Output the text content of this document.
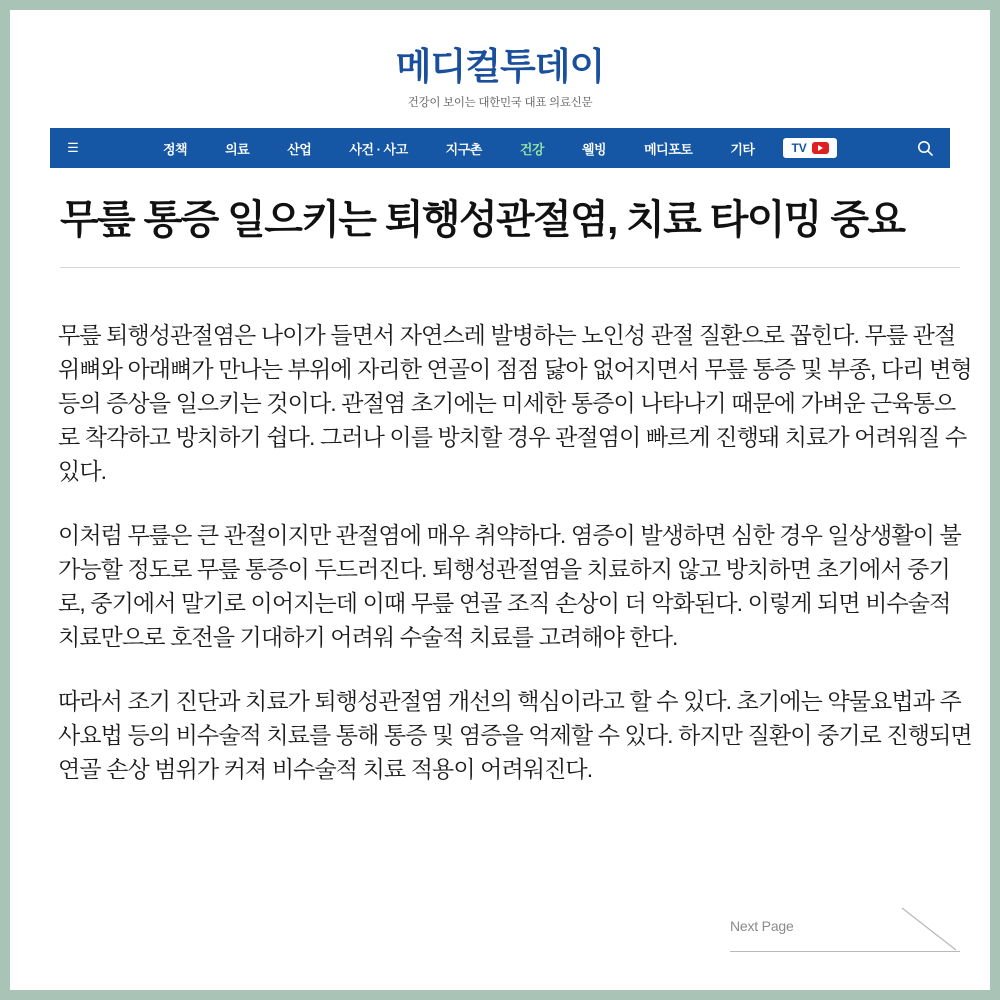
메디컬투데이
건강이 보이는 대한민국 대표 의료신문
☰	정책	의료	산업	사건 · 사고	지구촌	건강	웰빙	메디포토	기타	TV
무릎 통증 일으키는 퇴행성관절염, 치료 타이밍 중요

무릎 퇴행성관절염은 나이가 들면서 자연스레 발병하는 노인성 관절 질환으로 꼽힌다. 무릎 관절 위뼈와 아래뼈가 만나는 부위에 자리한 연골이 점점 닳아 없어지면서 무릎 통증 및 부종, 다리 변형 등의 증상을 일으키는 것이다. 관절염 초기에는 미세한 통증이 나타나기 때문에 가벼운 근육통으로 착각하고 방치하기 쉽다. 그러나 이를 방치할 경우 관절염이 빠르게 진행돼 치료가 어려워질 수 있다.

이처럼 무릎은 큰 관절이지만 관절염에 매우 취약하다. 염증이 발생하면 심한 경우 일상생활이 불가능할 정도로 무릎 통증이 두드러진다. 퇴행성관절염을 치료하지 않고 방치하면 초기에서 중기로, 중기에서 말기로 이어지는데 이때 무릎 연골 조직 손상이 더 악화된다. 이렇게 되면 비수술적 치료만으로 호전을 기대하기 어려워 수술적 치료를 고려해야 한다.

따라서 조기 진단과 치료가 퇴행성관절염 개선의 핵심이라고 할 수 있다. 초기에는 약물요법과 주사요법 등의 비수술적 치료를 통해 통증 및 염증을 억제할 수 있다. 하지만 질환이 중기로 진행되면 연골 손상 범위가 커져 비수술적 치료 적용이 어려워진다.

Next Page
